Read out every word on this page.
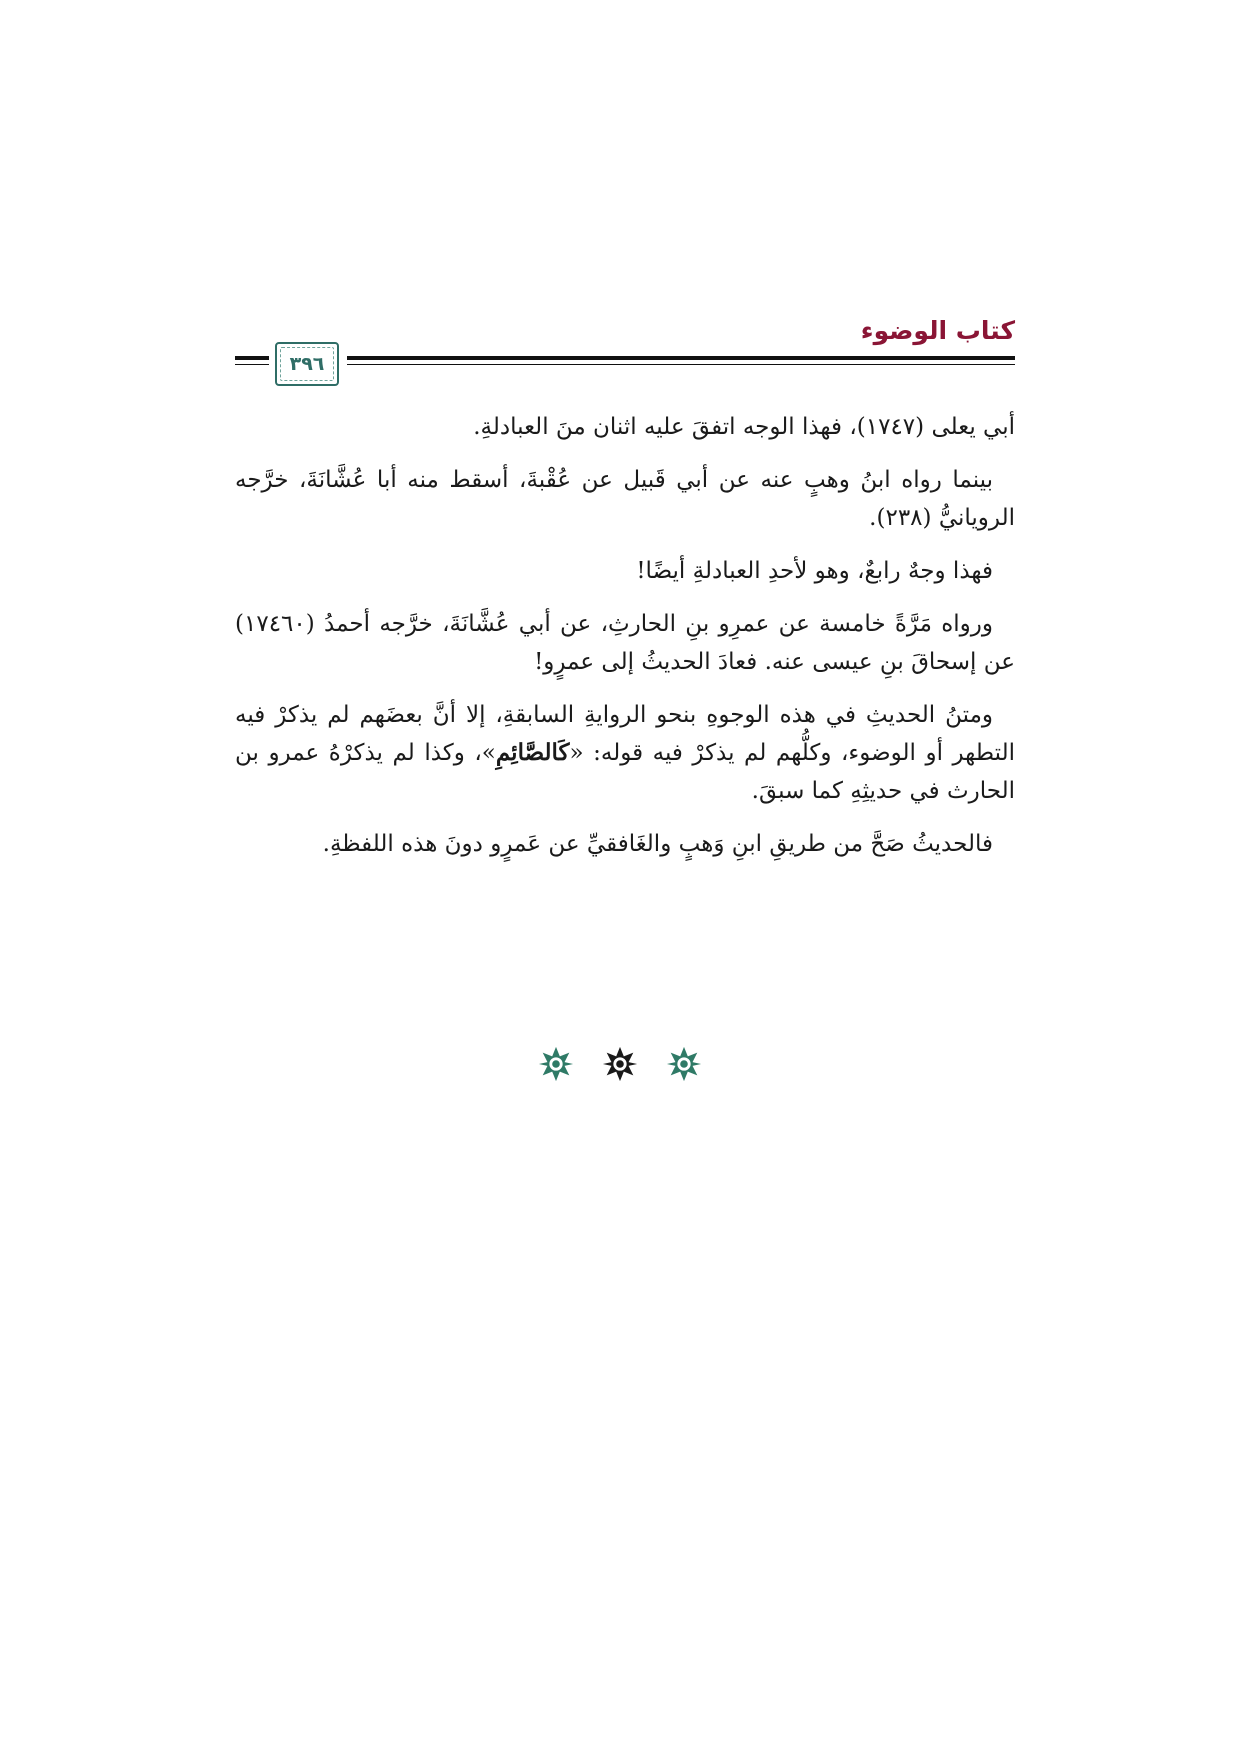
٣٩٦
كتاب الوضوء

أبي يعلى (١٧٤٧)، فهذا الوجه اتفقَ عليه اثنان منَ العبادلةِ.

بينما رواه ابنُ وهبٍ عنه عن أبي قَبيل عن عُقْبةَ، أسقط منه أبا عُشَّانَةَ، خرَّجه الرويانيُّ (٢٣٨).

فهذا وجهٌ رابعٌ، وهو لأحدِ العبادلةِ أيضًا!

ورواه مَرَّةً خامسة عن عمرِو بنِ الحارثِ، عن أبي عُشَّانَةَ، خرَّجه أحمدُ (١٧٤٦٠) عن إسحاقَ بنِ عيسى عنه. فعادَ الحديثُ إلى عمرٍو!

ومتنُ الحديثِ في هذه الوجوهِ بنحو الروايةِ السابقةِ، إلا أنَّ بعضَهم لم يذكرْ فيه التطهر أو الوضوء، وكلُّهم لم يذكرْ فيه قوله: «كَالصَّائِمِ»، وكذا لم يذكرْهُ عمرو بن الحارث في حديثِهِ كما سبقَ.

فالحديثُ صَحَّ من طريقِ ابنِ وَهبٍ والغَافقيِّ عن عَمرٍو دونَ هذه اللفظةِ.
